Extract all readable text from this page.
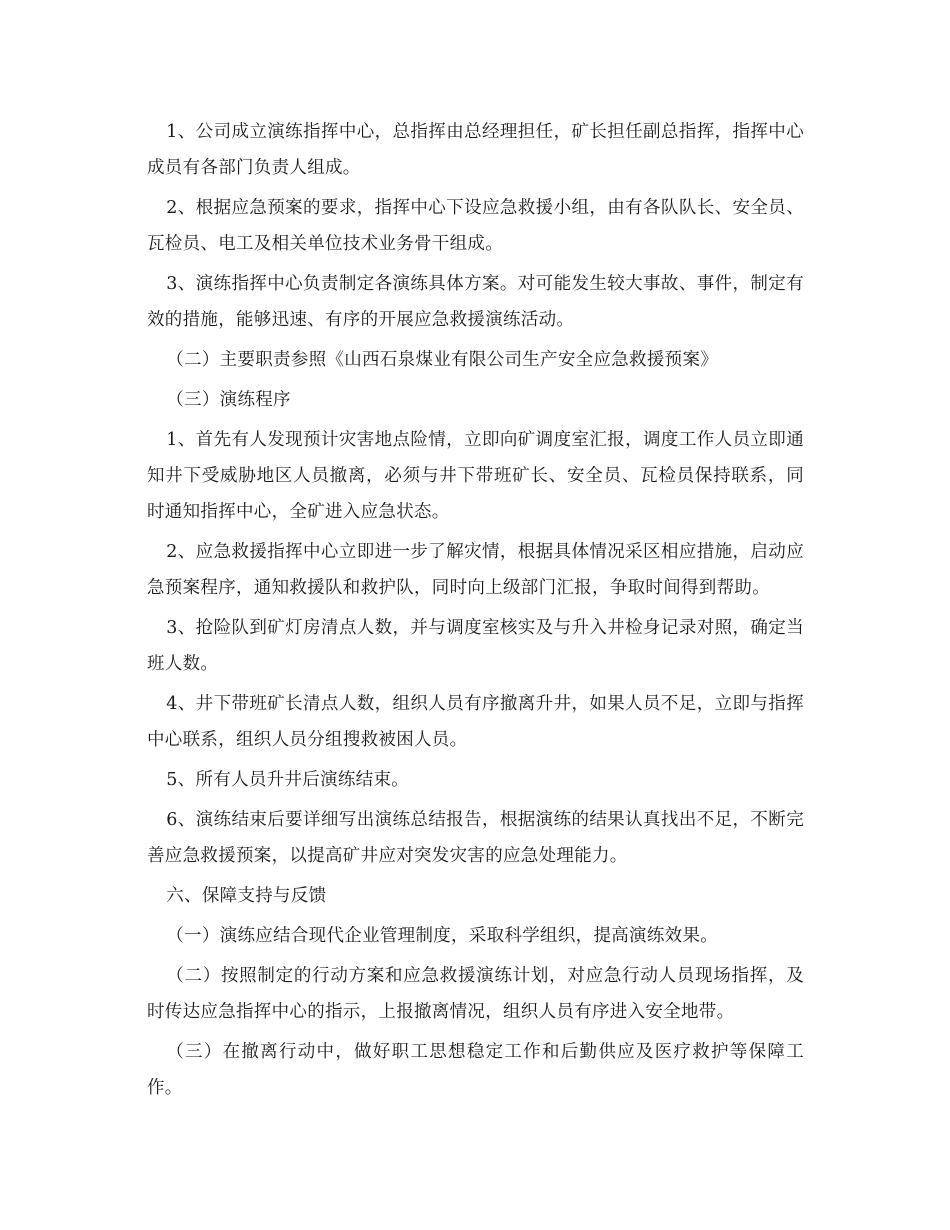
1、公司成立演练指挥中心，总指挥由总经理担任，矿长担任副总指挥，指挥中心成员有各部门负责人组成。

2、根据应急预案的要求，指挥中心下设应急救援小组，由有各队队长、安全员、瓦检员、电工及相关单位技术业务骨干组成。

3、演练指挥中心负责制定各演练具体方案。对可能发生较大事故、事件，制定有效的措施，能够迅速、有序的开展应急救援演练活动。

（二）主要职责参照《山西石泉煤业有限公司生产安全应急救援预案》

（三）演练程序

1、首先有人发现预计灾害地点险情，立即向矿调度室汇报，调度工作人员立即通知井下受威胁地区人员撤离，必须与井下带班矿长、安全员、瓦检员保持联系，同时通知指挥中心，全矿进入应急状态。

2、应急救援指挥中心立即进一步了解灾情，根据具体情况采区相应措施，启动应急预案程序，通知救援队和救护队，同时向上级部门汇报，争取时间得到帮助。

3、抢险队到矿灯房清点人数，并与调度室核实及与升入井检身记录对照，确定当班人数。

4、井下带班矿长清点人数，组织人员有序撤离升井，如果人员不足，立即与指挥中心联系，组织人员分组搜救被困人员。

5、所有人员升井后演练结束。

6、演练结束后要详细写出演练总结报告，根据演练的结果认真找出不足，不断完善应急救援预案，以提高矿井应对突发灾害的应急处理能力。

六、保障支持与反馈

（一）演练应结合现代企业管理制度，采取科学组织，提高演练效果。

（二）按照制定的行动方案和应急救援演练计划，对应急行动人员现场指挥，及时传达应急指挥中心的指示，上报撤离情况，组织人员有序进入安全地带。

（三）在撤离行动中，做好职工思想稳定工作和后勤供应及医疗救护等保障工作。
